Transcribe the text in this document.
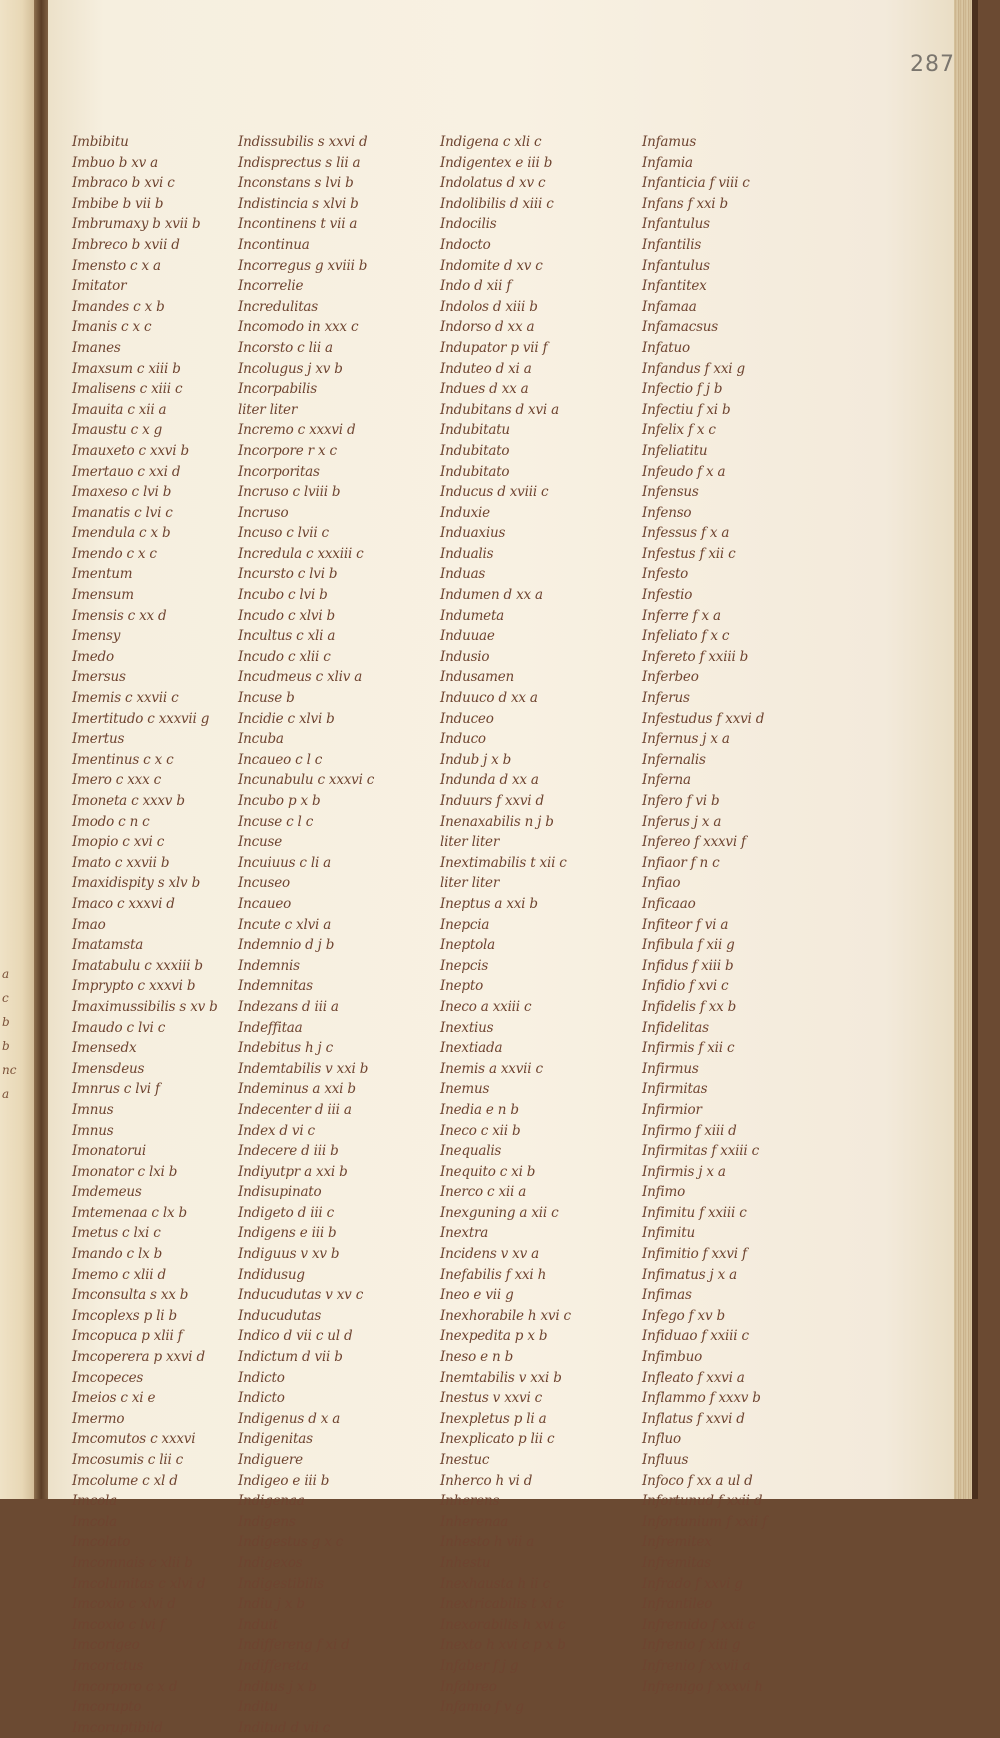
a
c
b
b
nc
a
287
Imbibitu
Imbuo b xv a
Imbraco b xvi c
Imbibe b vii b
Imbrumaxy b xvii b
Imbreco b xvii d
Imensto c x a
Imitator
Imandes c x b
Imanis c x c
Imanes
Imaxsum c xiii b
Imalisens c xiii c
Imauita c xii a
Imaustu c x g
Imauxeto c xxvi b
Imertauo c xxi d
Imaxeso c lvi b
Imanatis c lvi c
Imendula c x b
Imendo c x c
Imentum
Imensum
Imensis c xx d
Imensy
Imedo
Imersus
Imemis c xxvii c
Imertitudo c xxxvii g
Imertus
Imentinus c x c
Imero c xxx c
Imoneta c xxxv b
Imodo c n c
Imopio c xvi c
Imato c xxvii b
Imaxidispity s xlv b
Imaco c xxxvi d
Imao
Imatamsta
Imatabulu c xxxiii b
Imprypto c xxxvi b
Imaximussibilis s xv b
Imaudo c lvi c
Imensedx
Imensdeus
Imnrus c lvi f
Imnus
Imnus
Imonatorui
Imonator c lxi b
Imdemeus
Imtemenaa c lx b
Imetus c lxi c
Imando c lx b
Imemo c xlii d
Imconsulta s xx b
Imcoplexs p li b
Imcopuca p xlii f
Imcoperera p xxvi d
Imcopeces
Imeios c xi e
Imermo
Imcomutos c xxxvi
Imcosumis c lii c
Imcolume c xl d
Imcola
Imcola
Imcolato
Imcomnais c xlii b
Imcolumitas c xlvi d
Imcoxio c xlvi d
Imcoxio c lvi f
Imcorigeo
Imcorictus
Imcorporo c x d
Imcorupto
Imcoruptibild
Indissubilis s xxvi d
Indisprectus s lii a
Inconstans s lvi b
Indistincia s xlvi b
Incontinens t vii a
Incontinua
Incorregus g xviii b
Incorrelie
Incredulitas
Incomodo in xxx c
Incorsto c lii a
Incolugus j xv b
Incorpabilis
liter liter
Incremo c xxxvi d
Incorpore r x c
Incorporitas
Incruso c lviii b
Incruso
Incuso c lvii c
Incredula c xxxiii c
Incursto c lvi b
Incubo c lvi b
Incudo c xlvi b
Incultus c xli a
Incudo c xlii c
Incudmeus c xliv a
Incuse b
Incidie c xlvi b
Incuba
Incaueo c l c
Incunabulu c xxxvi c
Incubo p x b
Incuse c l c
Incuse
Incuiuus c li a
Incuseo
Incaueo
Incute c xlvi a
Indemnio d j b
Indemnis
Indemnitas
Indezans d iii a
Indeffitaa
Indebitus h j c
Indemtabilis v xxi b
Indeminus a xxi b
Indecenter d iii a
Index d vi c
Indecere d iii b
Indiyutpr a xxi b
Indisupinato
Indigeto d iii c
Indigens e iii b
Indiguus v xv b
Indidusug
Inducudutas v xv c
Inducudutas
Indico d vii c ul d
Indictum d vii b
Indicto
Indicto
Indigenus d x a
Indigenitas
Indiguere
Indigeo e iii b
Indigenaa
Indigens
Indigestus g x c
Indigexos
Indigestibilis
Indiu j x b
Induit
Indiffereng f xi d
Indiffereta
Inditus j x b
Inditu
Inditud d vii c
Indigena c xli c
Indigentex e iii b
Indolatus d xv c
Indolibilis d xiii c
Indocilis
Indocto
Indomite d xv c
Indo d xii f
Indolos d xiii b
Indorso d xx a
Indupator p vii f
Induteo d xi a
Indues d xx a
Indubitans d xvi a
Indubitatu
Indubitato
Indubitato
Inducus d xviii c
Induxie
Induaxius
Indualis
Induas
Indumen d xx a
Indumeta
Induuae
Indusio
Indusamen
Induuco d xx a
Induceo
Induco
Indub j x b
Indunda d xx a
Induurs f xxvi d
Inenaxabilis n j b
liter liter
Inextimabilis t xii c
liter liter
Ineptus a xxi b
Inepcia
Ineptola
Inepcis
Inepto
Ineco a xxiii c
Inextius
Inextiada
Inemis a xxvii c
Inemus
Inedia e n b
Ineco c xii b
Inequalis
Inequito c xi b
Inerco c xii a
Inexguning a xii c
Inextra
Incidens v xv a
Inefabilis f xxi h
Ineo e vii g
Inexhorabile h xvi c
Inexpedita p x b
Ineso e n b
Inemtabilis v xxi b
Inestus v xxvi c
Inexpletus p li a
Inexplicato p lii c
Inestuc
Inherco h vi d
Inherens
Inherenaa
Inhesto h vii a
Inhestu
Inexhausta h ii c
Inextricabilis t xi c
Inexorabilis h xvi c
Inexto h xvi c p x b
Infaber f j g
Infabreo
Infamio f v g
Infamus
Infamia
Infanticia f viii c
Infans f xxi b
Infantulus
Infantilis
Infantulus
Infantitex
Infamaa
Infamacsus
Infatuo
Infandus f xxi g
Infectio f j b
Infectiu f xi b
Infelix f x c
Infeliatitu
Infeudo f x a
Infensus
Infenso
Infessus f x a
Infestus f xii c
Infesto
Infestio
Inferre f x a
Infeliato f x c
Infereto f xxiii b
Inferbeo
Inferus
Infestudus f xxvi d
Infernus j x a
Infernalis
Inferna
Infero f vi b
Inferus j x a
Infereo f xxxvi f
Infiaor f n c
Infiao
Inficaao
Infiteor f vi a
Infibula f xii g
Infidus f xiii b
Infidio f xvi c
Infidelis f xx b
Infidelitas
Infirmis f xii c
Infirmus
Infirmitas
Infirmior
Infirmo f xiii d
Infirmitas f xxiii c
Infirmis j x a
Infimo
Infimitu f xxiii c
Infimitu
Infimitio f xxvi f
Infimatus j x a
Infimas
Infego f xv b
Infiduao f xxiii c
Infimbuo
Infleato f xxvi a
Inflammo f xxxv b
Inflatus f xxvi d
Influo
Influus
Infoco f xx a ul d
Infortunud f xxii d
Infortunium f xxii f
Infremitex
Infremitas
Infrado f xxvi g
Infrantileo
Infremido f xxii c
Infrenio f xiii g
Infrenio f xxvii a
Infrenigo f xxxvi h
